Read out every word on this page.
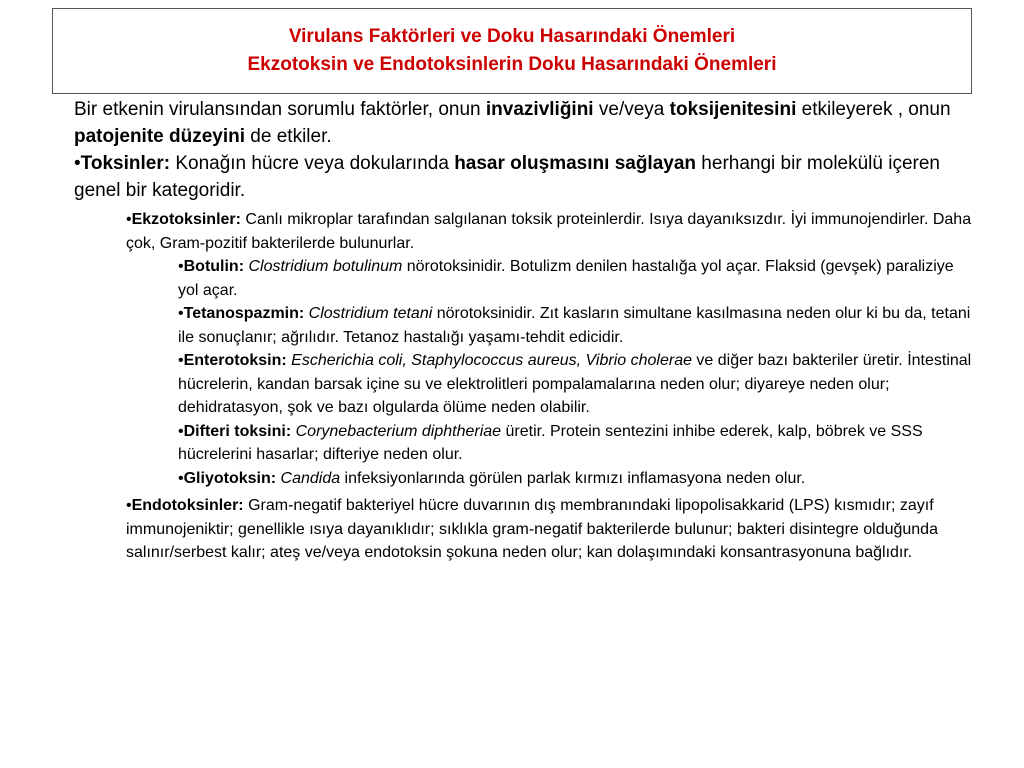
Virulans Faktörleri ve Doku Hasarındaki Önemleri
Ekzotoksin ve Endotoksinlerin Doku Hasarındaki Önemleri
Bir etkenin virulansından sorumlu faktörler, onun invazivliğini ve/veya toksijenitesini etkileyerek , onun patojenite düzeyini de etkiler.
•Toksinler: Konağın hücre veya dokularında hasar oluşmasını sağlayan herhangi bir molekülü içeren genel bir kategoridir.
•Ekzotoksinler: Canlı mikroplar tarafından salgılanan toksik proteinlerdir. Isıya dayanıksızdır. İyi immunojendirler. Daha çok, Gram-pozitif bakterilerde bulunurlar.
•Botulin: Clostridium botulinum nörotoksinidir. Botulizm denilen hastalığa yol açar. Flaksid (gevşek) paraliziye yol açar.
•Tetanospazmin: Clostridium tetani nörotoksinidir. Zıt kasların simultane kasılmasına neden olur ki bu da, tetani ile sonuçlanır; ağrılıdır. Tetanoz hastalığı yaşamı-tehdit edicidir.
•Enterotoksin: Escherichia coli, Staphylococcus aureus, Vibrio cholerae ve diğer bazı bakteriler üretir. İntestinal hücrelerin, kandan barsak içine su ve elektrolitleri pompalamalarına neden olur; diyareye neden olur; dehidratasyon, şok ve bazı olgularda ölüme neden olabilir.
•Difteri toksini: Corynebacterium diphtheriae üretir. Protein sentezini inhibe ederek, kalp, böbrek ve SSS hücrelerini hasarlar; difteriye neden olur.
•Gliyotoksin: Candida infeksiyonlarında görülen parlak kırmızı inflamasyona neden olur.
•Endotoksinler: Gram-negatif bakteriyel hücre duvarının dış membranındaki lipopolisakkarid (LPS) kısmıdır; zayıf immunojeniktir; genellikle ısıya dayanıklıdır; sıklıkla gram-negatif bakterilerde bulunur; bakteri disintegre olduğunda salınır/serbest kalır; ateş ve/veya endotoksin şokuna neden olur; kan dolaşımındaki konsantrasyonuna bağlıdır.
